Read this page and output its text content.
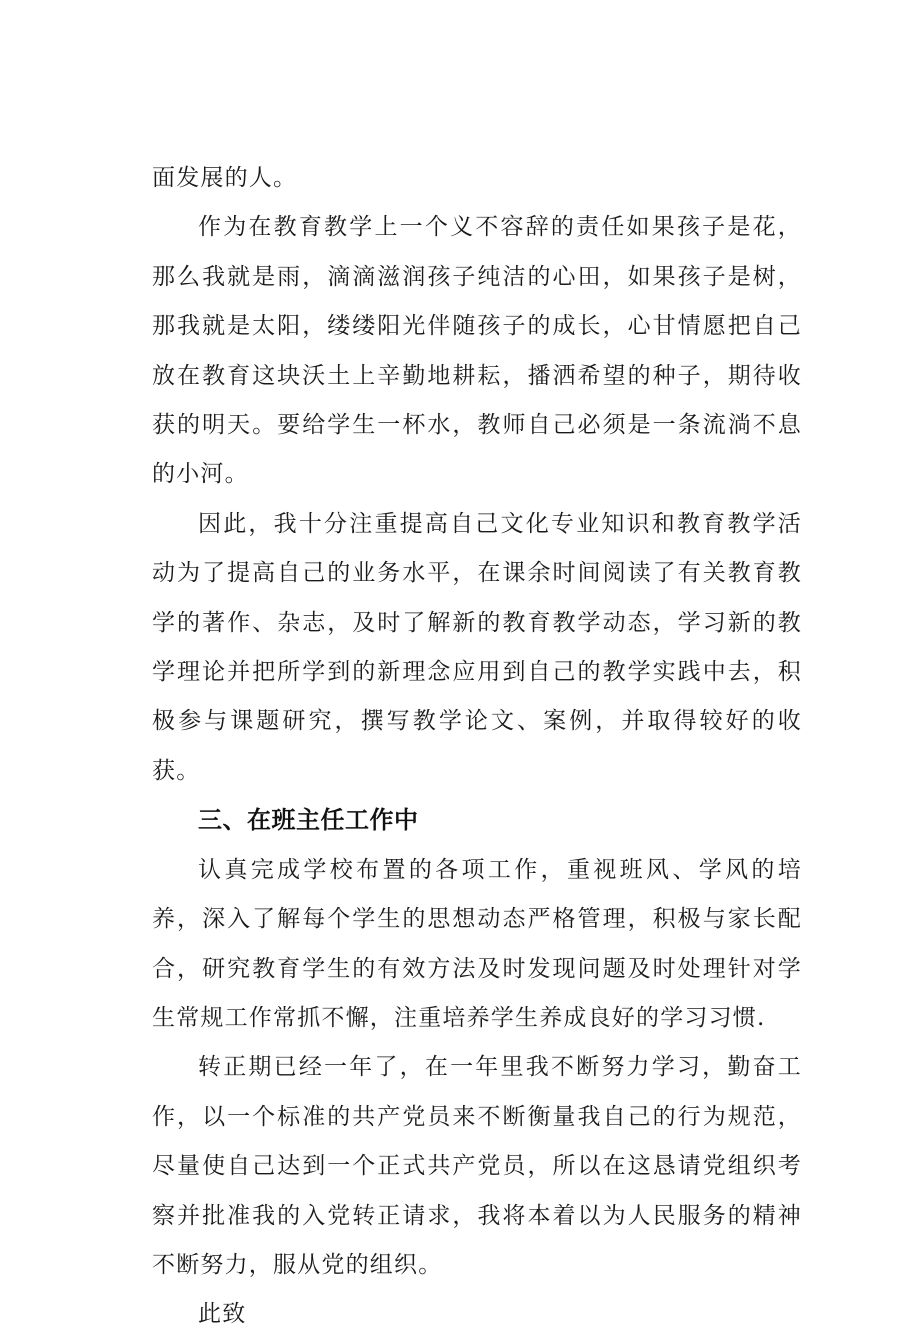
面发展的人。

作为在教育教学上一个义不容辞的责任如果孩子是花，那么我就是雨，滴滴滋润孩子纯洁的心田，如果孩子是树，那我就是太阳，缕缕阳光伴随孩子的成长，心甘情愿把自己放在教育这块沃土上辛勤地耕耘，播洒希望的种子，期待收获的明天。要给学生一杯水，教师自己必须是一条流淌不息的小河。

因此，我十分注重提高自己文化专业知识和教育教学活动为了提高自己的业务水平，在课余时间阅读了有关教育教学的著作、杂志，及时了解新的教育教学动态，学习新的教学理论并把所学到的新理念应用到自己的教学实践中去，积极参与课题研究，撰写教学论文、案例，并取得较好的收获。

三、在班主任工作中

认真完成学校布置的各项工作，重视班风、学风的培养，深入了解每个学生的思想动态严格管理，积极与家长配合，研究教育学生的有效方法及时发现问题及时处理针对学生常规工作常抓不懈，注重培养学生养成良好的学习习惯.

转正期已经一年了，在一年里我不断努力学习，勤奋工作，以一个标准的共产党员来不断衡量我自己的行为规范，尽量使自己达到一个正式共产党员，所以在这恳请党组织考察并批准我的入党转正请求，我将本着以为人民服务的精神不断努力，服从党的组织。

此致
